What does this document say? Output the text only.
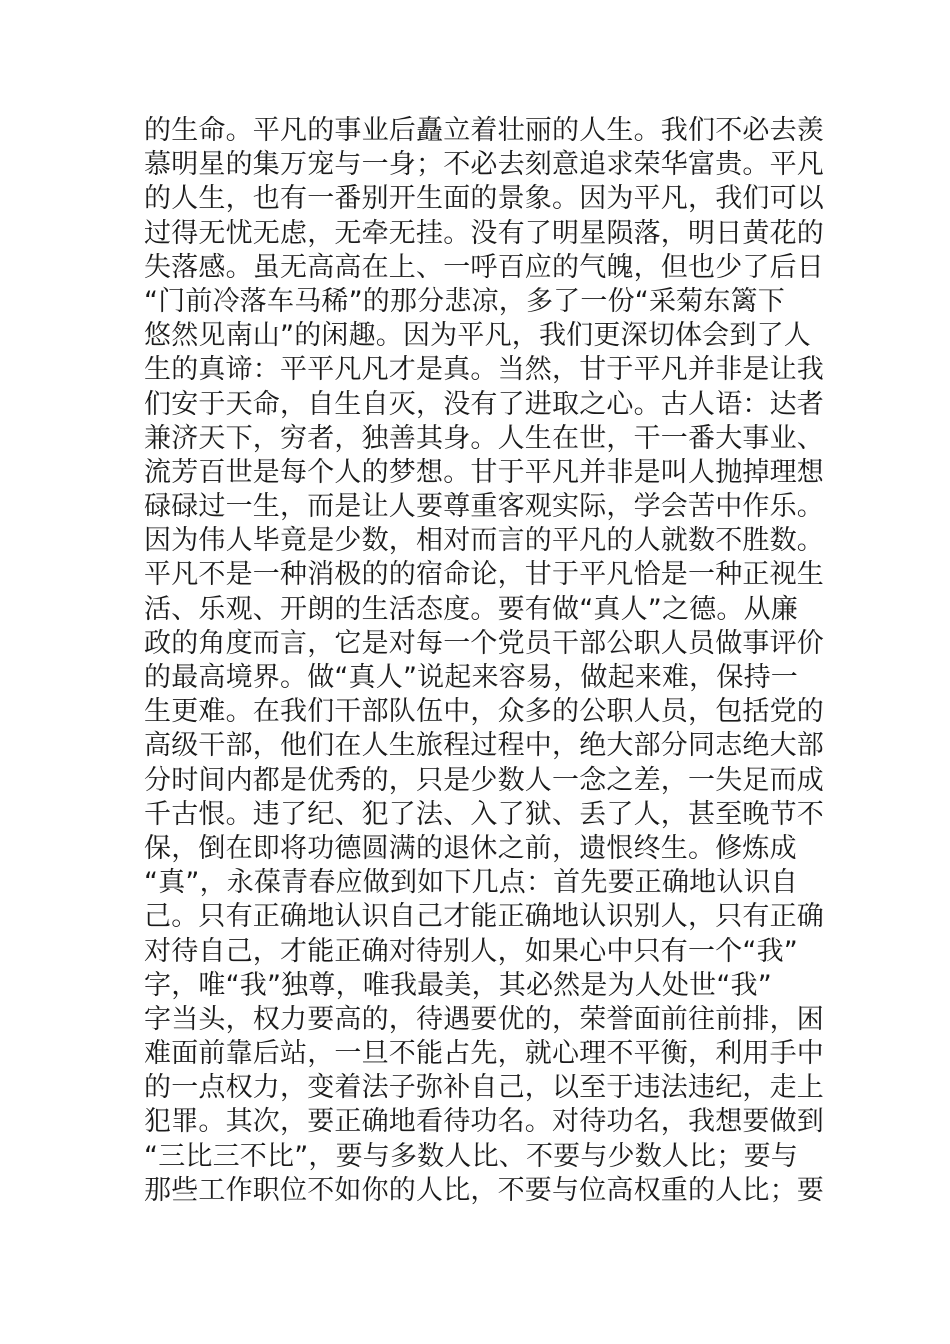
的生命。平凡的事业后矗立着壮丽的人生。我们不必去羡
慕明星的集万宠与一身；不必去刻意追求荣华富贵。平凡
的人生，也有一番别开生面的景象。因为平凡，我们可以
过得无忧无虑，无牵无挂。没有了明星陨落，明日黄花的
失落感。虽无高高在上、一呼百应的气魄，但也少了后日
“门前冷落车马稀”的那分悲凉，多了一份“采菊东篱下
悠然见南山”的闲趣。因为平凡，我们更深切体会到了人
生的真谛：平平凡凡才是真。当然，甘于平凡并非是让我
们安于天命，自生自灭，没有了进取之心。古人语：达者
兼济天下，穷者，独善其身。人生在世，干一番大事业、
流芳百世是每个人的梦想。甘于平凡并非是叫人抛掉理想
碌碌过一生，而是让人要尊重客观实际，学会苦中作乐。
因为伟人毕竟是少数，相对而言的平凡的人就数不胜数。
平凡不是一种消极的的宿命论，甘于平凡恰是一种正视生
活、乐观、开朗的生活态度。要有做“真人”之德。从廉
政的角度而言，它是对每一个党员干部公职人员做事评价
的最高境界。做“真人”说起来容易，做起来难，保持一
生更难。在我们干部队伍中，众多的公职人员，包括党的
高级干部，他们在人生旅程过程中，绝大部分同志绝大部
分时间内都是优秀的，只是少数人一念之差，一失足而成
千古恨。违了纪、犯了法、入了狱、丢了人，甚至晚节不
保，倒在即将功德圆满的退休之前，遗恨终生。修炼成
“真”，永葆青春应做到如下几点：首先要正确地认识自
己。只有正确地认识自己才能正确地认识别人，只有正确
对待自己，才能正确对待别人，如果心中只有一个“我”
字，唯“我”独尊，唯我最美，其必然是为人处世“我”
字当头，权力要高的，待遇要优的，荣誉面前往前排，困
难面前靠后站，一旦不能占先，就心理不平衡，利用手中
的一点权力，变着法子弥补自己，以至于违法违纪，走上
犯罪。其次，要正确地看待功名。对待功名，我想要做到
“三比三不比”，要与多数人比、不要与少数人比；要与
那些工作职位不如你的人比，不要与位高权重的人比；要
